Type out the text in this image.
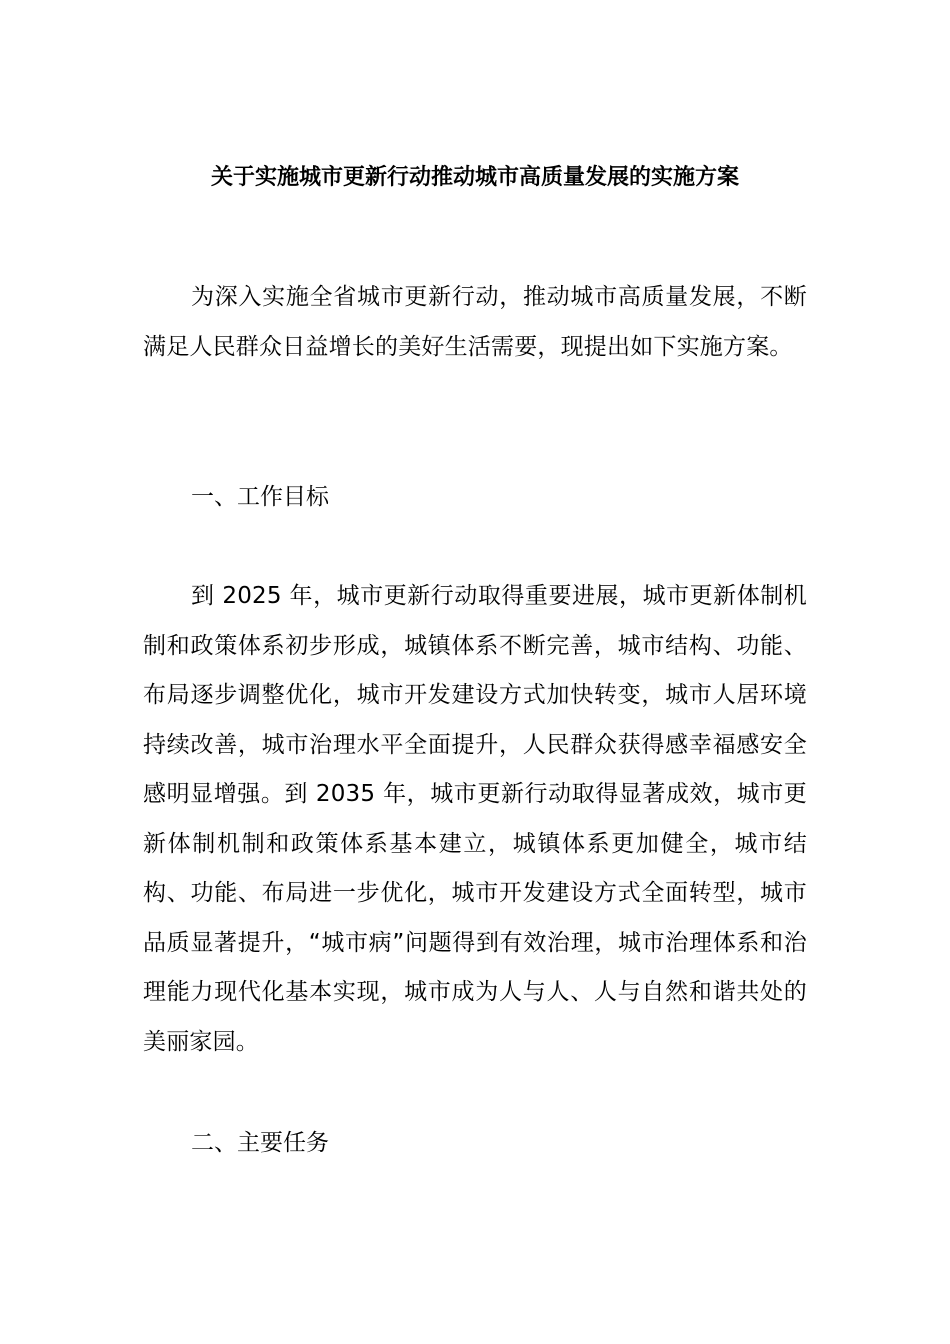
关于实施城市更新行动推动城市高质量发展的实施方案

为深入实施全省城市更新行动，推动城市高质量发展，不断满足人民群众日益增长的美好生活需要，现提出如下实施方案。

一、工作目标

到 2025 年，城市更新行动取得重要进展，城市更新体制机制和政策体系初步形成，城镇体系不断完善，城市结构、功能、布局逐步调整优化，城市开发建设方式加快转变，城市人居环境持续改善，城市治理水平全面提升，人民群众获得感幸福感安全感明显增强。到 2035 年，城市更新行动取得显著成效，城市更新体制机制和政策体系基本建立，城镇体系更加健全，城市结构、功能、布局进一步优化，城市开发建设方式全面转型，城市品质显著提升，“城市病”问题得到有效治理，城市治理体系和治理能力现代化基本实现，城市成为人与人、人与自然和谐共处的美丽家园。

二、主要任务
